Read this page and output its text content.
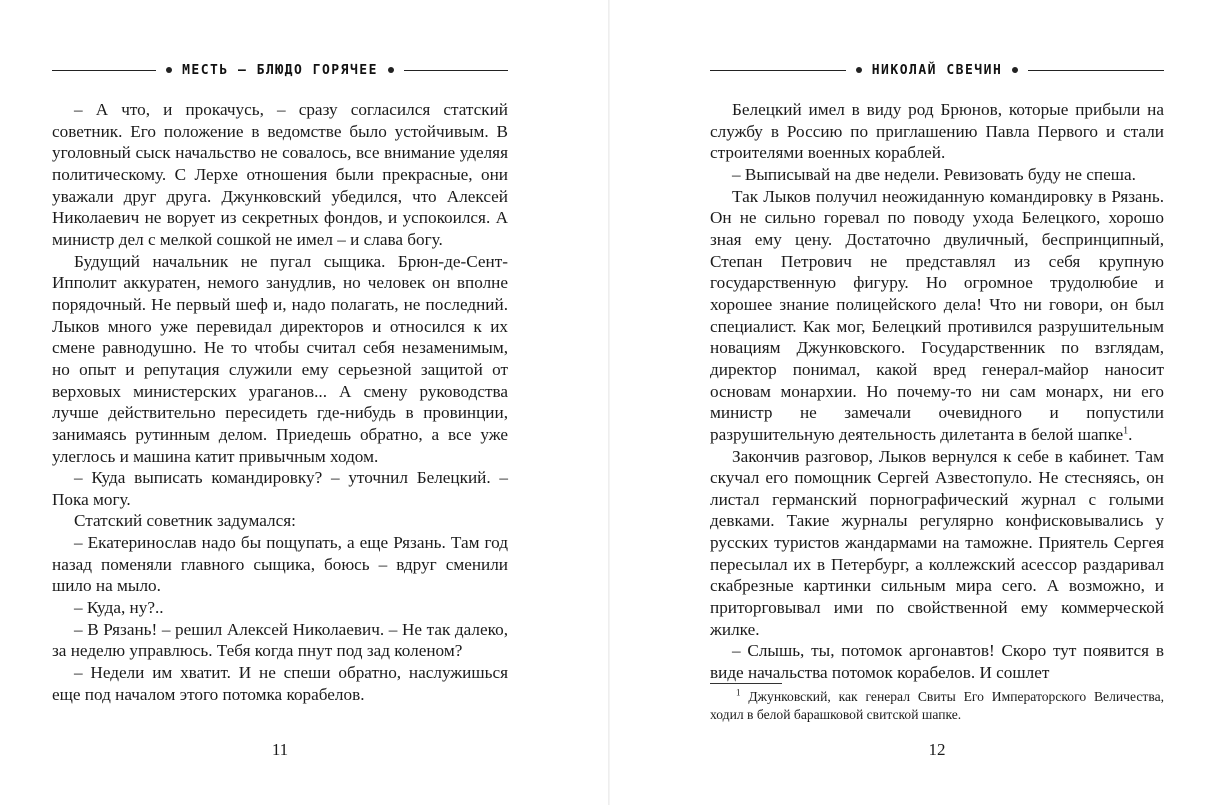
МЕСТЬ – БЛЮДО ГОРЯЧЕЕ

– А что, и прокачусь, – сразу согласился статский советник. Его положение в ведомстве было устойчивым. В уголовный сыск начальство не совалось, все внимание уделяя политическому. С Лерхе отношения были прекрасные, они уважали друг друга. Джунковский убедился, что Алексей Николаевич не ворует из секретных фондов, и успокоился. А министр дел с мелкой сошкой не имел – и слава богу.

Будущий начальник не пугал сыщика. Брюн-де-Сент-Ипполит аккуратен, немого занудлив, но человек он вполне порядочный. Не первый шеф и, надо полагать, не последний. Лыков много уже перевидал директоров и относился к их смене равнодушно. Не то чтобы считал себя незаменимым, но опыт и репутация служили ему серьезной защитой от верховых министерских ураганов... А смену руководства лучше действительно пересидеть где-нибудь в провинции, занимаясь рутинным делом. Приедешь обратно, а все уже улеглось и машина катит привычным ходом.

– Куда выписать командировку? – уточнил Белецкий. – Пока могу.

Статский советник задумался:

– Екатеринослав надо бы пощупать, а еще Рязань. Там год назад поменяли главного сыщика, боюсь – вдруг сменили шило на мыло.

– Куда, ну?..

– В Рязань! – решил Алексей Николаевич. – Не так далеко, за неделю управлюсь. Тебя когда пнут под зад коленом?

– Недели им хватит. И не спеши обратно, наслужишься еще под началом этого потомка корабелов.

11
НИКОЛАЙ СВЕЧИН

Белецкий имел в виду род Брюнов, которые прибыли на службу в Россию по приглашению Павла Первого и стали строителями военных кораблей.

– Выписывай на две недели. Ревизовать буду не спеша.

Так Лыков получил неожиданную командировку в Рязань. Он не сильно горевал по поводу ухода Белецкого, хорошо зная ему цену. Достаточно двуличный, беспринципный, Степан Петрович не представлял из себя крупную государственную фигуру. Но огромное трудолюбие и хорошее знание полицейского дела! Что ни говори, он был специалист. Как мог, Белецкий противился разрушительным новациям Джунковского. Государственник по взглядам, директор понимал, какой вред генерал-майор наносит основам монархии. Но почему-то ни сам монарх, ни его министр не замечали очевидного и попустили разрушительную деятельность дилетанта в белой шапке$^1$.

Закончив разговор, Лыков вернулся к себе в кабинет. Там скучал его помощник Сергей Азвестопуло. Не стесняясь, он листал германский порнографический журнал с голыми девками. Такие журналы регулярно конфисковывались у русских туристов жандармами на таможне. Приятель Сергея пересылал их в Петербург, а коллежский асессор раздаривал скабрезные картинки сильным мира сего. А возможно, и приторговывал ими по свойственной ему коммерческой жилке.

– Слышь, ты, потомок аргонавтов! Скоро тут появится в виде начальства потомок корабелов. И сошлет

$^1$ Джунковский, как генерал Свиты Его Императорского Величества, ходил в белой барашковой свитской шапке.

12
